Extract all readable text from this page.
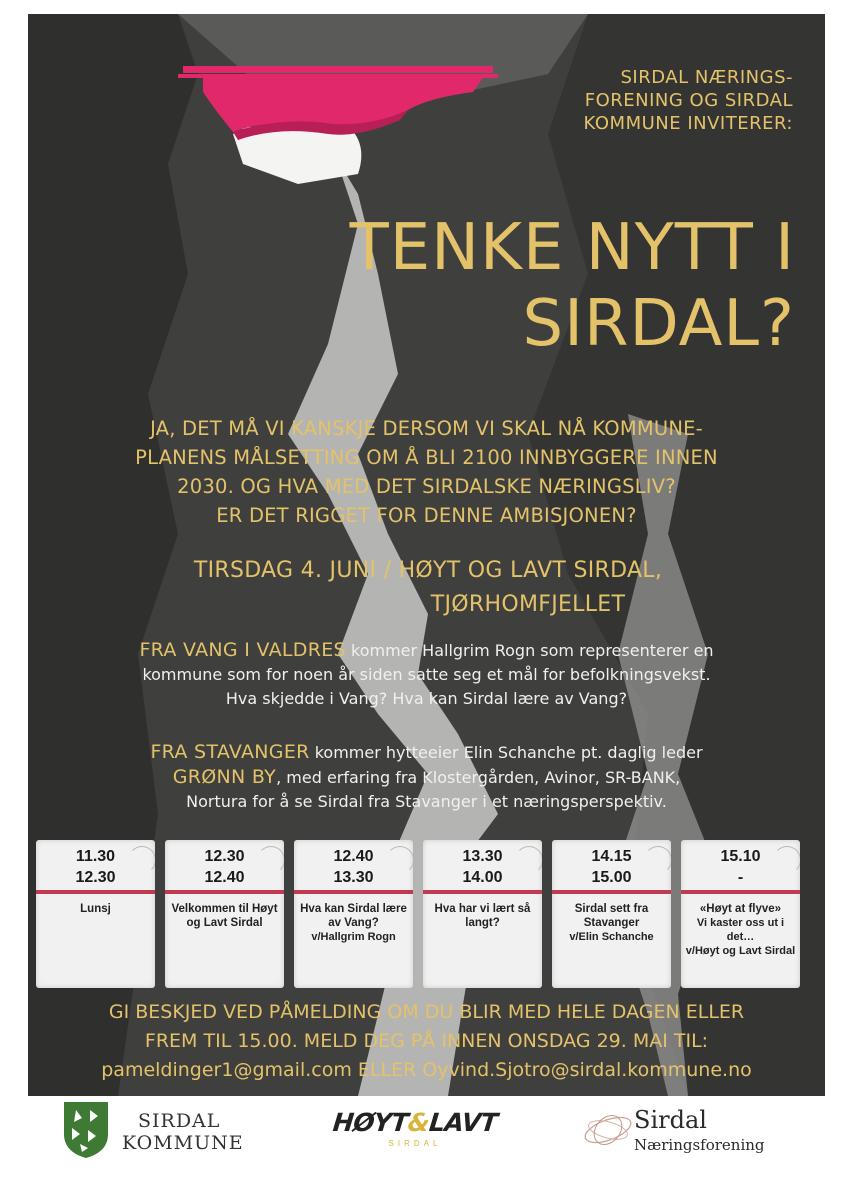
SIRDAL NÆRINGS-
FORENING OG SIRDAL
KOMMUNE INVITERER:
TENKE NYTT I
SIRDAL?
JA, DET MÅ VI KANSKJE DERSOM VI SKAL NÅ KOMMUNE-
PLANENS MÅLSETTING OM Å BLI 2100 INNBYGGERE INNEN
2030. OG HVA MED DET SIRDALSKE NÆRINGSLIV?
ER DET RIGGET FOR DENNE AMBISJONEN?
TIRSDAG 4. JUNI / HØYT OG LAVT SIRDAL,
TJØRHOMFJELLET
FRA VANG I VALDRES kommer Hallgrim Rogn som representerer en
kommune som for noen år siden satte seg et mål for befolkningsvekst.
Hva skjedde i Vang? Hva kan Sirdal lære av Vang?
FRA STAVANGER kommer hytteeier Elin Schanche pt. daglig leder
GRØNN BY, med erfaring fra Klostergården, Avinor, SR-BANK,
Nortura for å se Sirdal fra Stavanger i et næringsperspektiv.
11.30
12.30
Lunsj
12.30
12.40
Velkommen til Høyt og Lavt Sirdal
12.40
13.30
Hva kan Sirdal lære av Vang?
v/Hallgrim Rogn
13.30
14.00
Hva har vi lært så langt?
14.15
15.00
Sirdal sett fra Stavanger
v/Elin Schanche
15.10
-
«Høyt at flyve»
Vi kaster oss ut i det…
v/Høyt og Lavt Sirdal
GI BESKJED VED PÅMELDING OM DU BLIR MED HELE DAGEN ELLER
FREM TIL 15.00. MELD DEG PÅ INNEN ONSDAG 29. MAI TIL:
pameldinger1@gmail.com ELLER Oyvind.Sjotro@sirdal.kommune.no
SIRDAL
KOMMUNE
HØYT&LAVT
SIRDAL
Sirdal
Næringsforening
